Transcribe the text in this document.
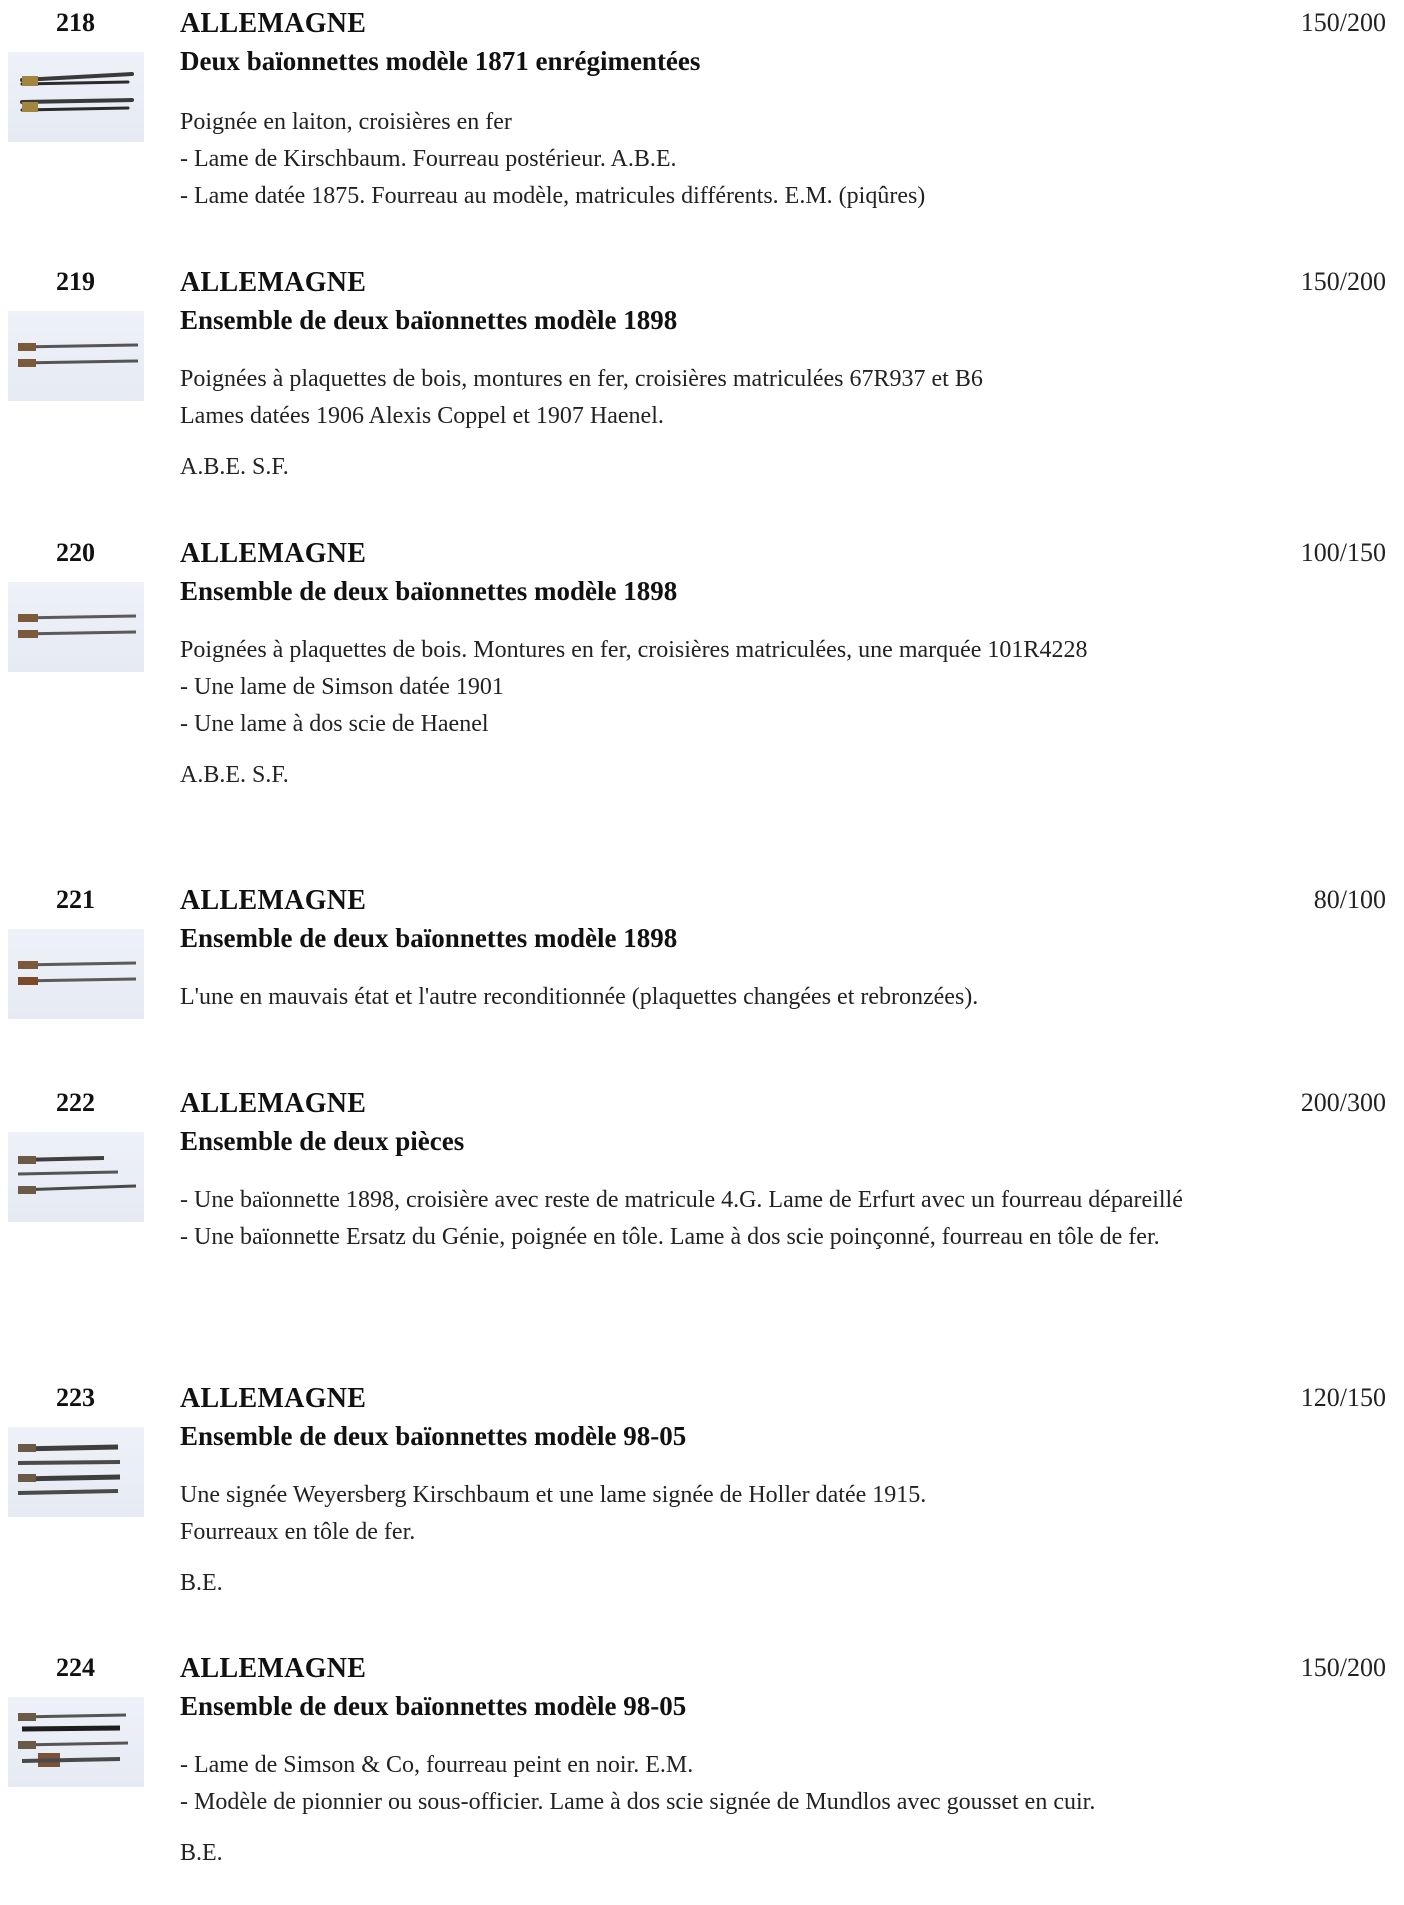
218	ALLEMAGNE	150/200
Deux baïonnettes modèle 1871 enrégimentées
Poignée en laiton, croisières en fer
- Lame de Kirschbaum. Fourreau postérieur. A.B.E.
- Lame datée 1875. Fourreau au modèle, matricules différents. E.M. (piqûres)
219	ALLEMAGNE	150/200
Ensemble de deux baïonnettes modèle 1898
Poignées à plaquettes de bois, montures en fer, croisières matriculées 67R937 et B6
Lames datées 1906 Alexis Coppel et 1907 Haenel.
A.B.E. S.F.
220	ALLEMAGNE	100/150
Ensemble de deux baïonnettes modèle 1898
Poignées à plaquettes de bois. Montures en fer, croisières matriculées, une marquée 101R4228
- Une lame de Simson datée 1901
- Une lame à dos scie de Haenel
A.B.E. S.F.
221	ALLEMAGNE	80/100
Ensemble de deux baïonnettes modèle 1898
L'une en mauvais état et l'autre reconditionnée (plaquettes changées et rebronzées).
222	ALLEMAGNE	200/300
Ensemble de deux pièces
- Une baïonnette 1898, croisière avec reste de matricule 4.G. Lame de Erfurt avec un fourreau dépareillé
- Une baïonnette Ersatz du Génie, poignée en tôle. Lame à dos scie poinçonné, fourreau en tôle de fer.
223	ALLEMAGNE	120/150
Ensemble de deux baïonnettes modèle 98-05
Une signée Weyersberg Kirschbaum et une lame signée de Holler datée 1915.
Fourreaux en tôle de fer.
B.E.
224	ALLEMAGNE	150/200
Ensemble de deux baïonnettes modèle 98-05
- Lame de Simson & Co, fourreau peint en noir. E.M.
- Modèle de pionnier ou sous-officier. Lame à dos scie signée de Mundlos avec gousset en cuir.
B.E.
